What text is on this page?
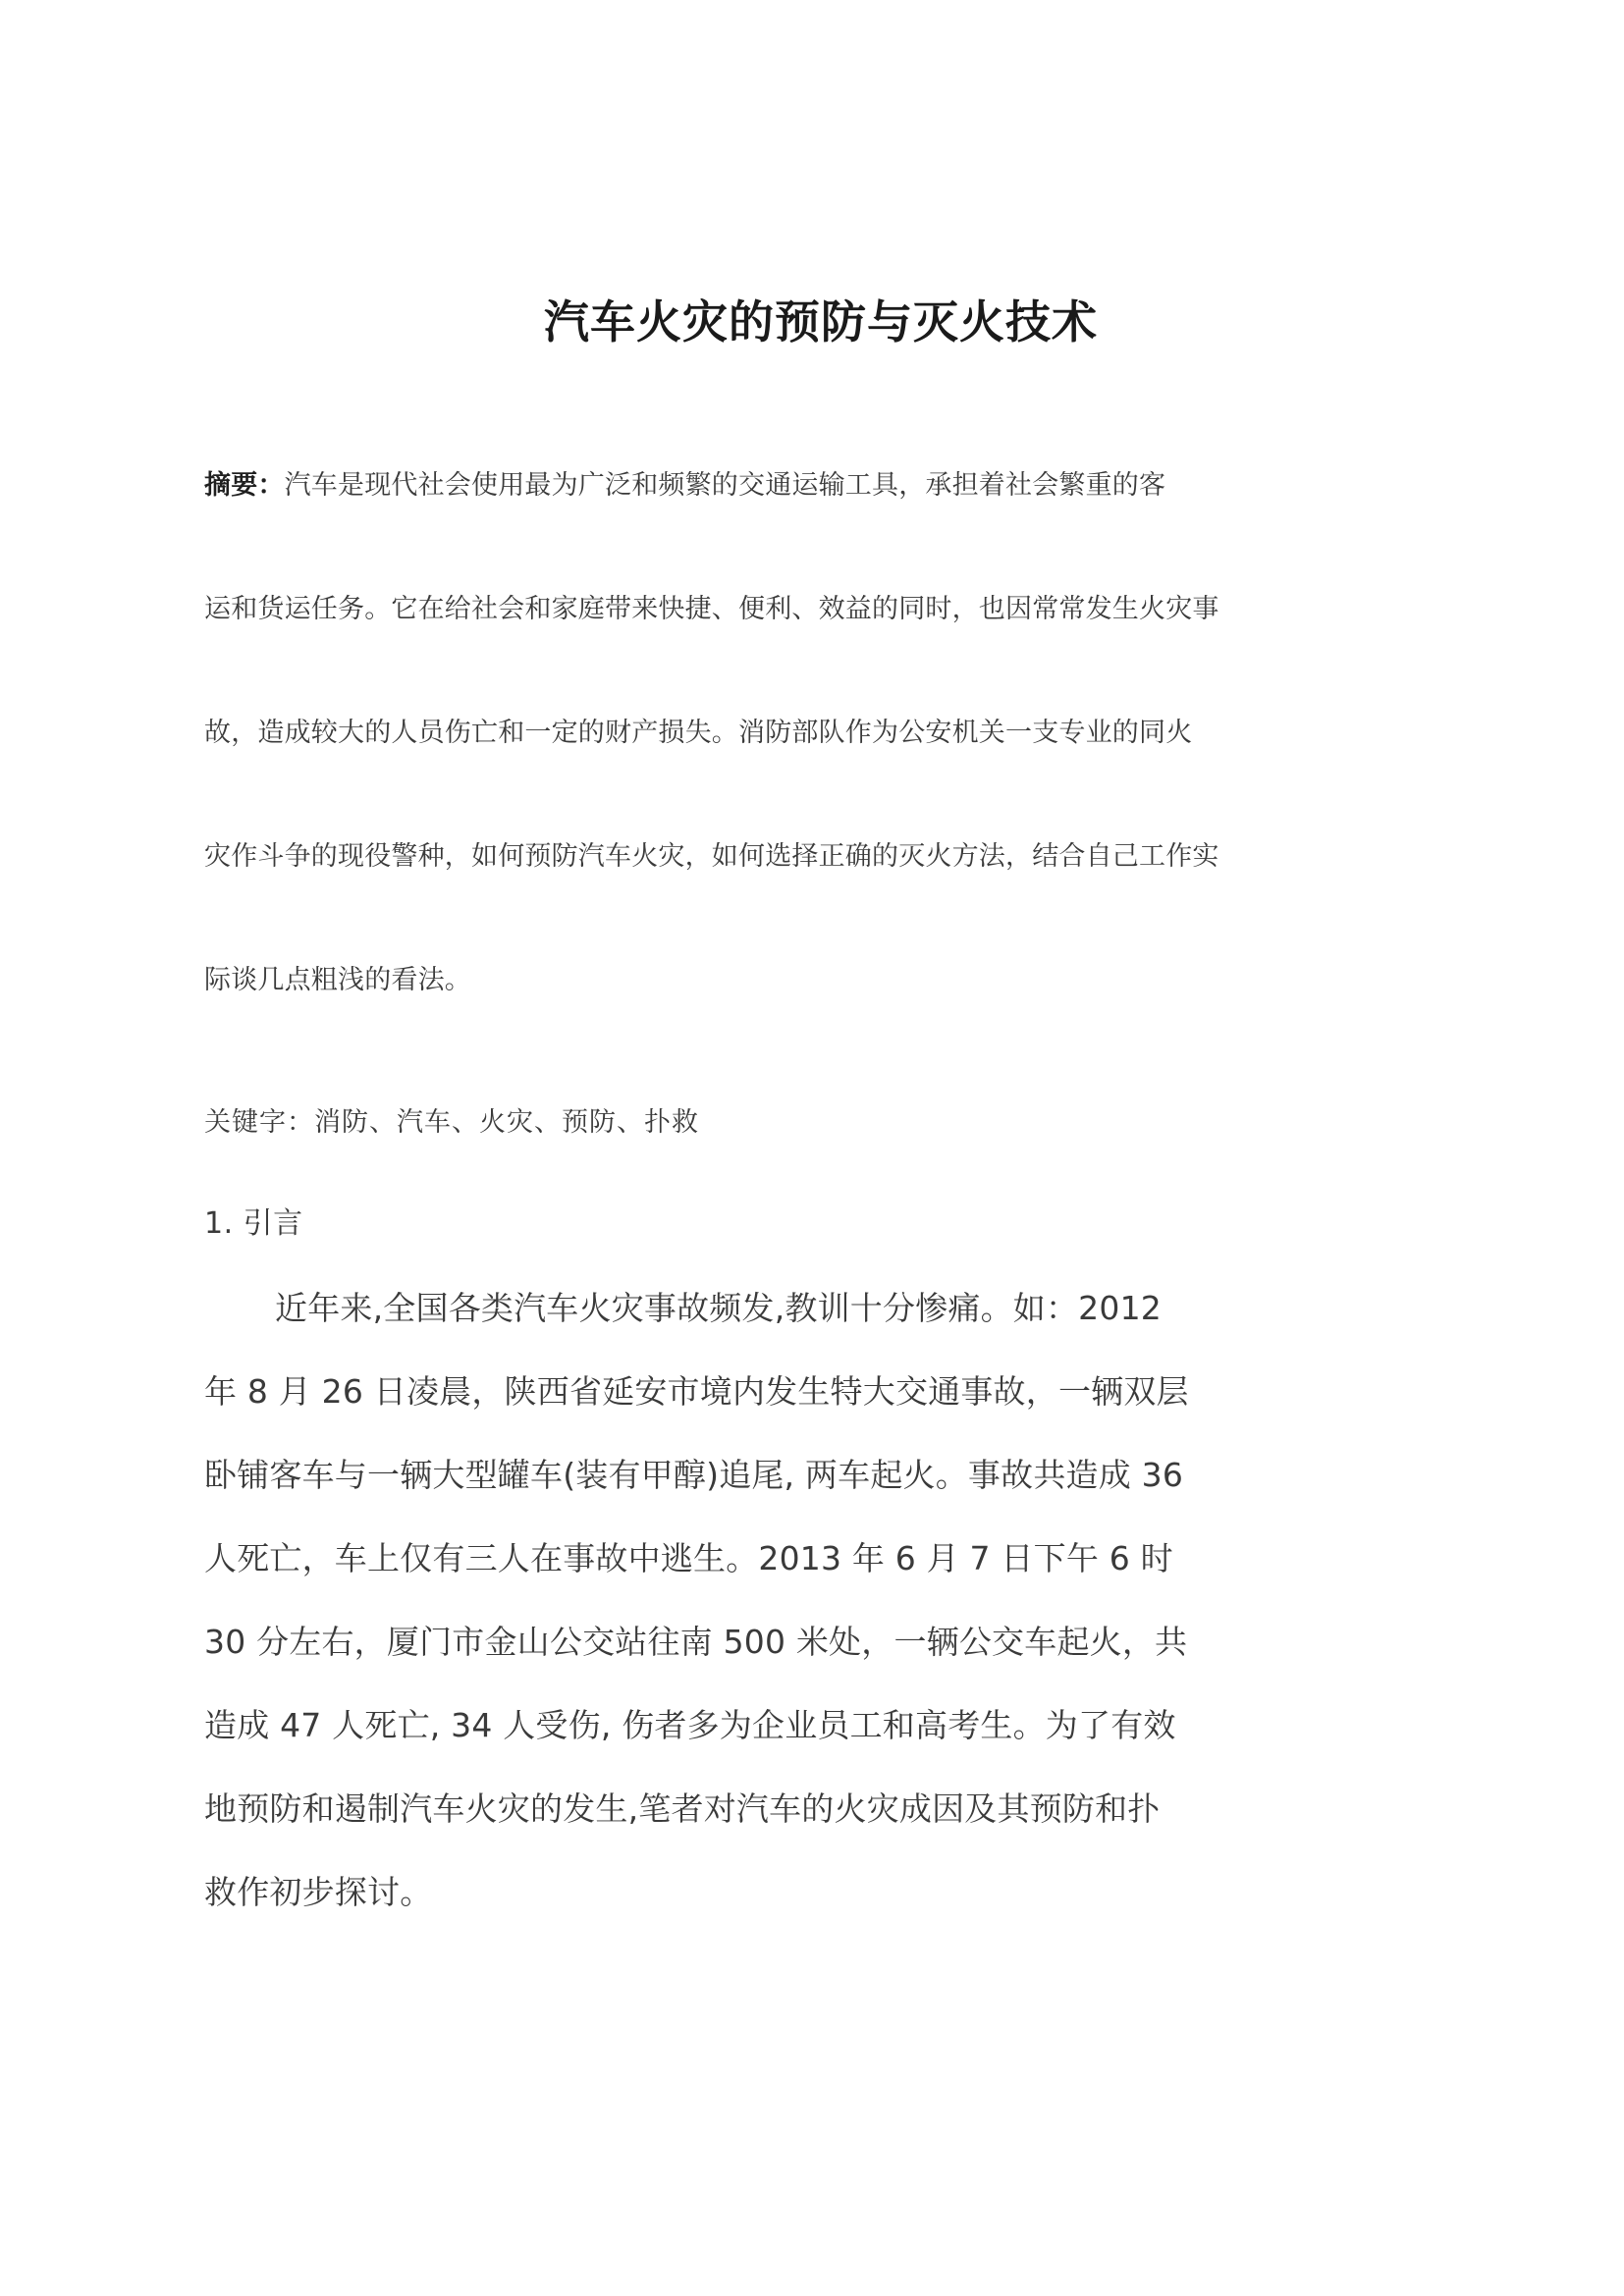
汽车火灾的预防与灭火技术

摘要：汽车是现代社会使用最为广泛和频繁的交通运输工具，承担着社会繁重的客

运和货运任务。它在给社会和家庭带来快捷、便利、效益的同时，也因常常发生火灾事

故，造成较大的人员伤亡和一定的财产损失。消防部队作为公安机关一支专业的同火

灾作斗争的现役警种，如何预防汽车火灾，如何选择正确的灭火方法，结合自己工作实

际谈几点粗浅的看法。

关键字：消防、汽车、火灾、预防、扑救
1. 引言

近年来,全国各类汽车火灾事故频发,教训十分惨痛。如：2012

年 8 月 26 日凌晨，陕西省延安市境内发生特大交通事故，一辆双层

卧铺客车与一辆大型罐车(装有甲醇)追尾, 两车起火。事故共造成 36

人死亡，车上仅有三人在事故中逃生。2013 年 6 月 7 日下午 6 时

30 分左右，厦门市金山公交站往南 500 米处，一辆公交车起火，共

造成 47 人死亡, 34 人受伤, 伤者多为企业员工和高考生。为了有效

地预防和遏制汽车火灾的发生,笔者对汽车的火灾成因及其预防和扑

救作初步探讨。
